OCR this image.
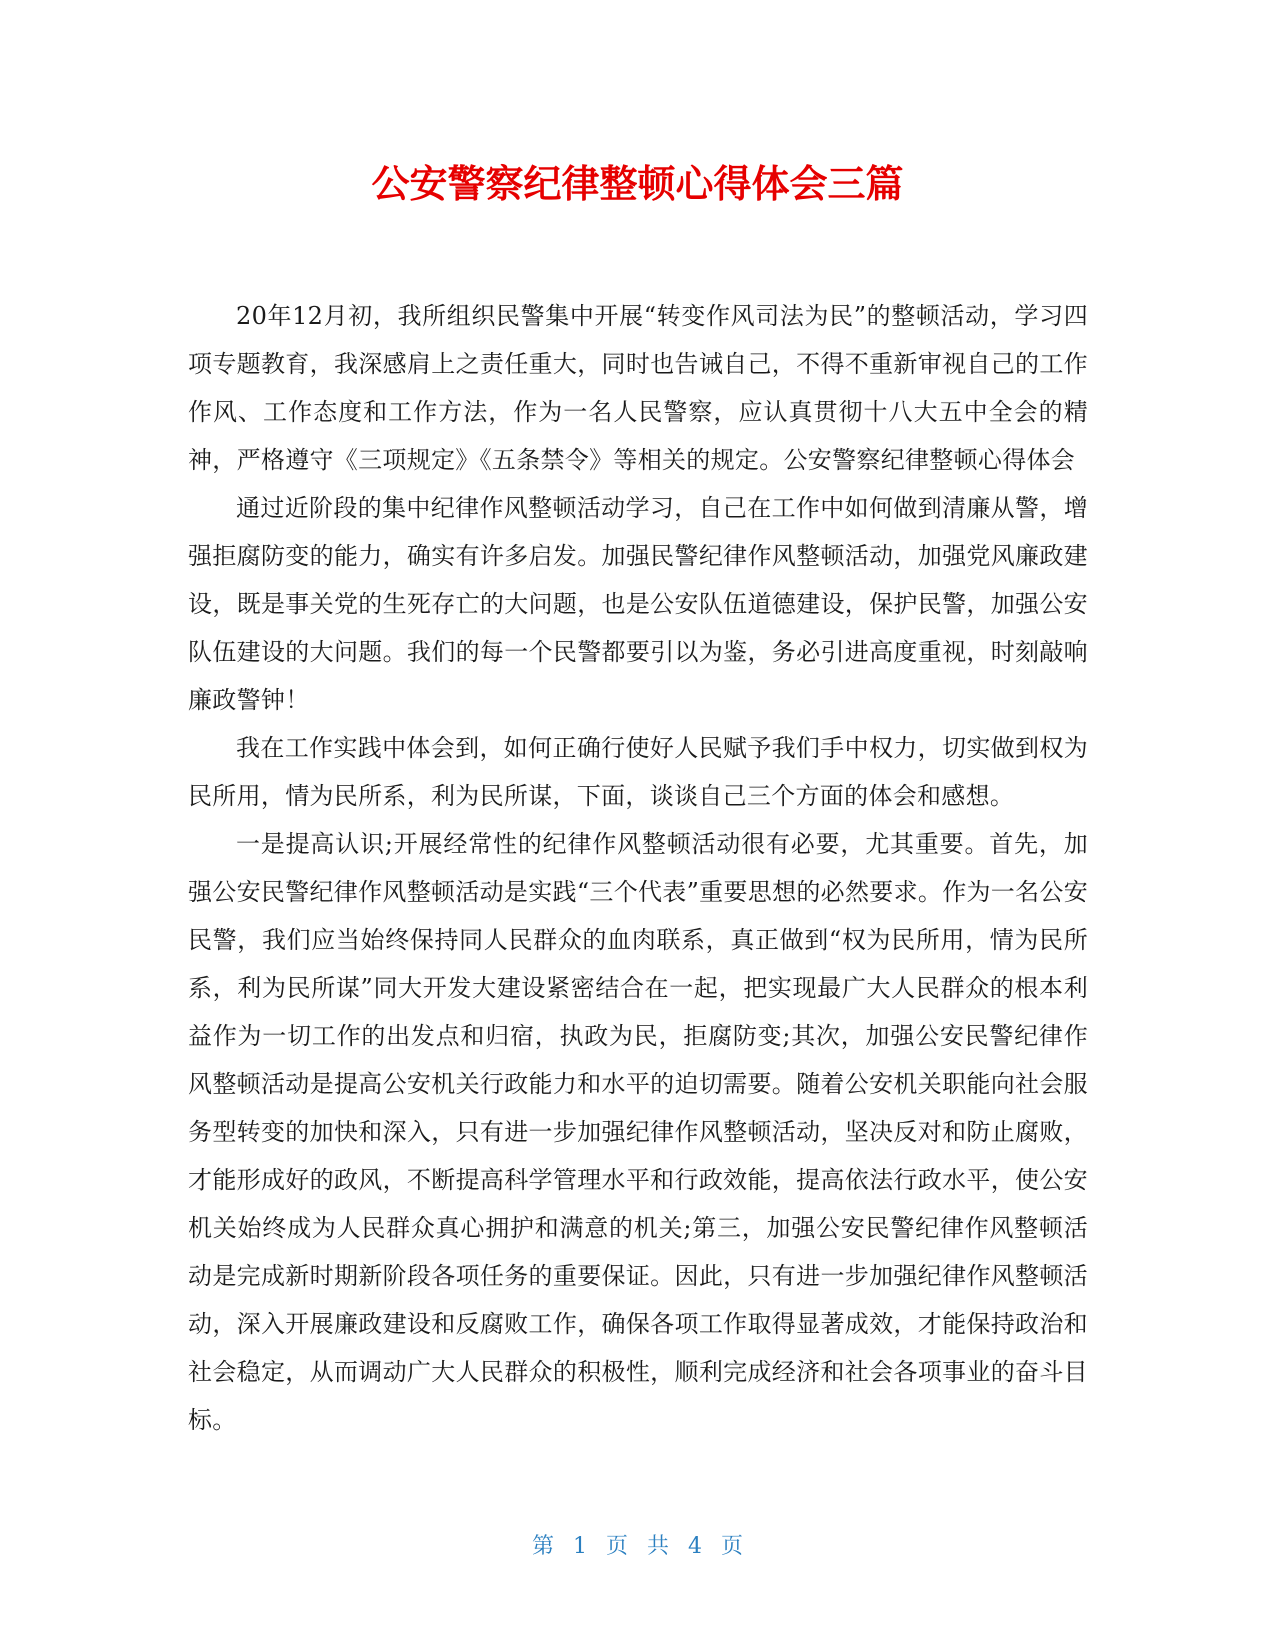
公安警察纪律整顿心得体会三篇

20年12月初，我所组织民警集中开展“转变作风司法为民”的整顿活动，学习四项专题教育，我深感肩上之责任重大，同时也告诫自己，不得不重新审视自己的工作作风、工作态度和工作方法，作为一名人民警察，应认真贯彻十八大五中全会的精神，严格遵守《三项规定》《五条禁令》等相关的规定。公安警察纪律整顿心得体会

通过近阶段的集中纪律作风整顿活动学习，自己在工作中如何做到清廉从警，增强拒腐防变的能力，确实有许多启发。加强民警纪律作风整顿活动，加强党风廉政建设，既是事关党的生死存亡的大问题，也是公安队伍道德建设，保护民警，加强公安队伍建设的大问题。我们的每一个民警都要引以为鉴，务必引进高度重视，时刻敲响廉政警钟！

我在工作实践中体会到，如何正确行使好人民赋予我们手中权力，切实做到权为民所用，情为民所系，利为民所谋，下面，谈谈自己三个方面的体会和感想。

一是提高认识;开展经常性的纪律作风整顿活动很有必要，尤其重要。首先，加强公安民警纪律作风整顿活动是实践“三个代表”重要思想的必然要求。作为一名公安民警，我们应当始终保持同人民群众的血肉联系，真正做到“权为民所用，情为民所系，利为民所谋”同大开发大建设紧密结合在一起，把实现最广大人民群众的根本利益作为一切工作的出发点和归宿，执政为民，拒腐防变;其次，加强公安民警纪律作风整顿活动是提高公安机关行政能力和水平的迫切需要。随着公安机关职能向社会服务型转变的加快和深入，只有进一步加强纪律作风整顿活动，坚决反对和防止腐败，才能形成好的政风，不断提高科学管理水平和行政效能，提高依法行政水平，使公安机关始终成为人民群众真心拥护和满意的机关;第三，加强公安民警纪律作风整顿活动是完成新时期新阶段各项任务的重要保证。因此，只有进一步加强纪律作风整顿活动，深入开展廉政建设和反腐败工作，确保各项工作取得显著成效，才能保持政治和社会稳定，从而调动广大人民群众的积极性，顺利完成经济和社会各项事业的奋斗目标。

第 1 页 共 4 页
